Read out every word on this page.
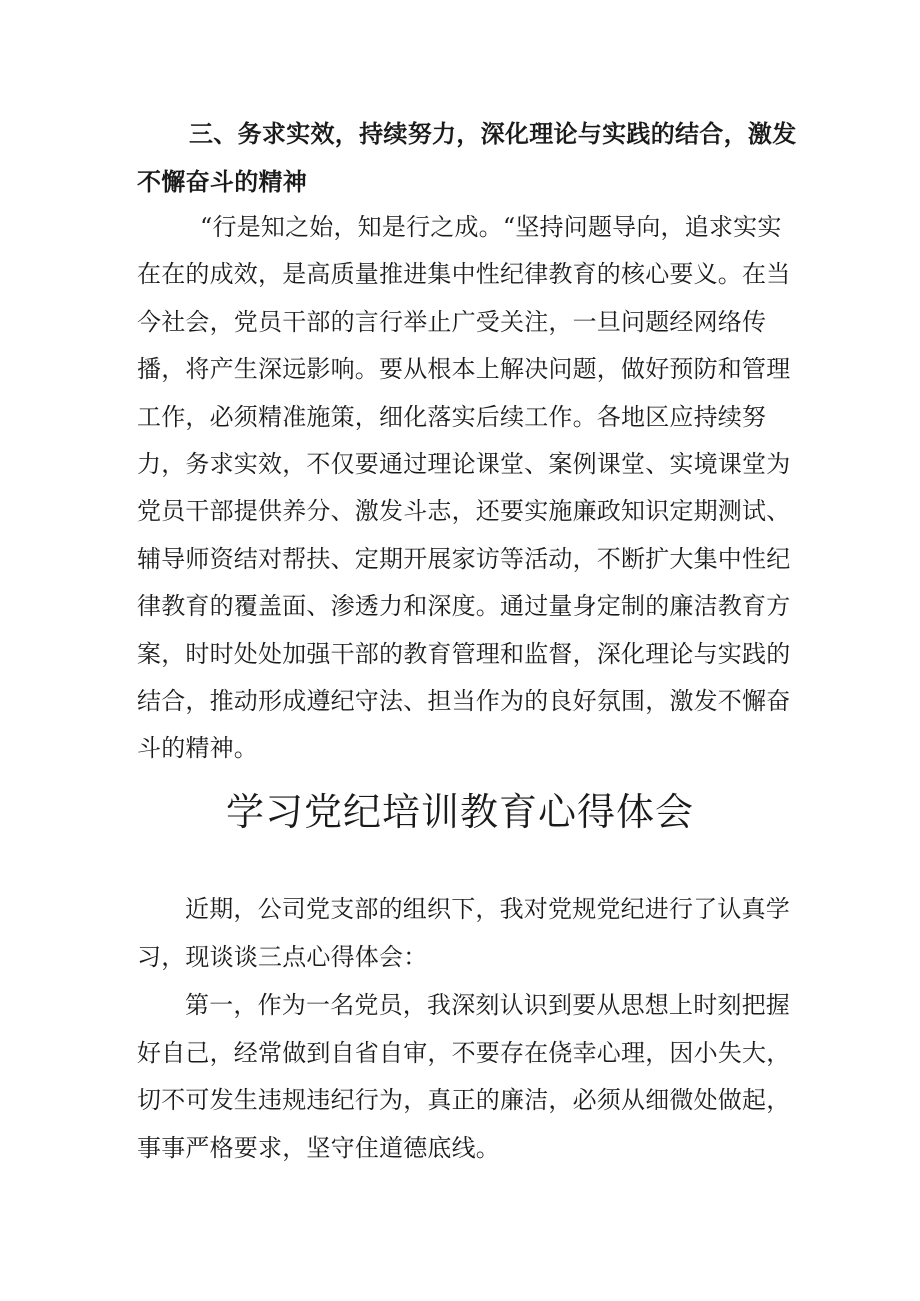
三、务求实效，持续努力，深化理论与实践的结合，激发不懈奋斗的精神

“行是知之始，知是行之成。“坚持问题导向，追求实实在在的成效，是高质量推进集中性纪律教育的核心要义。在当今社会，党员干部的言行举止广受关注，一旦问题经网络传播，将产生深远影响。要从根本上解决问题，做好预防和管理工作，必须精准施策，细化落实后续工作。各地区应持续努力，务求实效，不仅要通过理论课堂、案例课堂、实境课堂为党员干部提供养分、激发斗志，还要实施廉政知识定期测试、辅导师资结对帮扶、定期开展家访等活动，不断扩大集中性纪律教育的覆盖面、渗透力和深度。通过量身定制的廉洁教育方案，时时处处加强干部的教育管理和监督，深化理论与实践的结合，推动形成遵纪守法、担当作为的良好氛围，激发不懈奋斗的精神。

学习党纪培训教育心得体会

近期，公司党支部的组织下，我对党规党纪进行了认真学习，现谈谈三点心得体会：

第一，作为一名党员，我深刻认识到要从思想上时刻把握好自己，经常做到自省自审，不要存在侥幸心理，因小失大，切不可发生违规违纪行为，真正的廉洁，必须从细微处做起，事事严格要求，坚守住道德底线。
